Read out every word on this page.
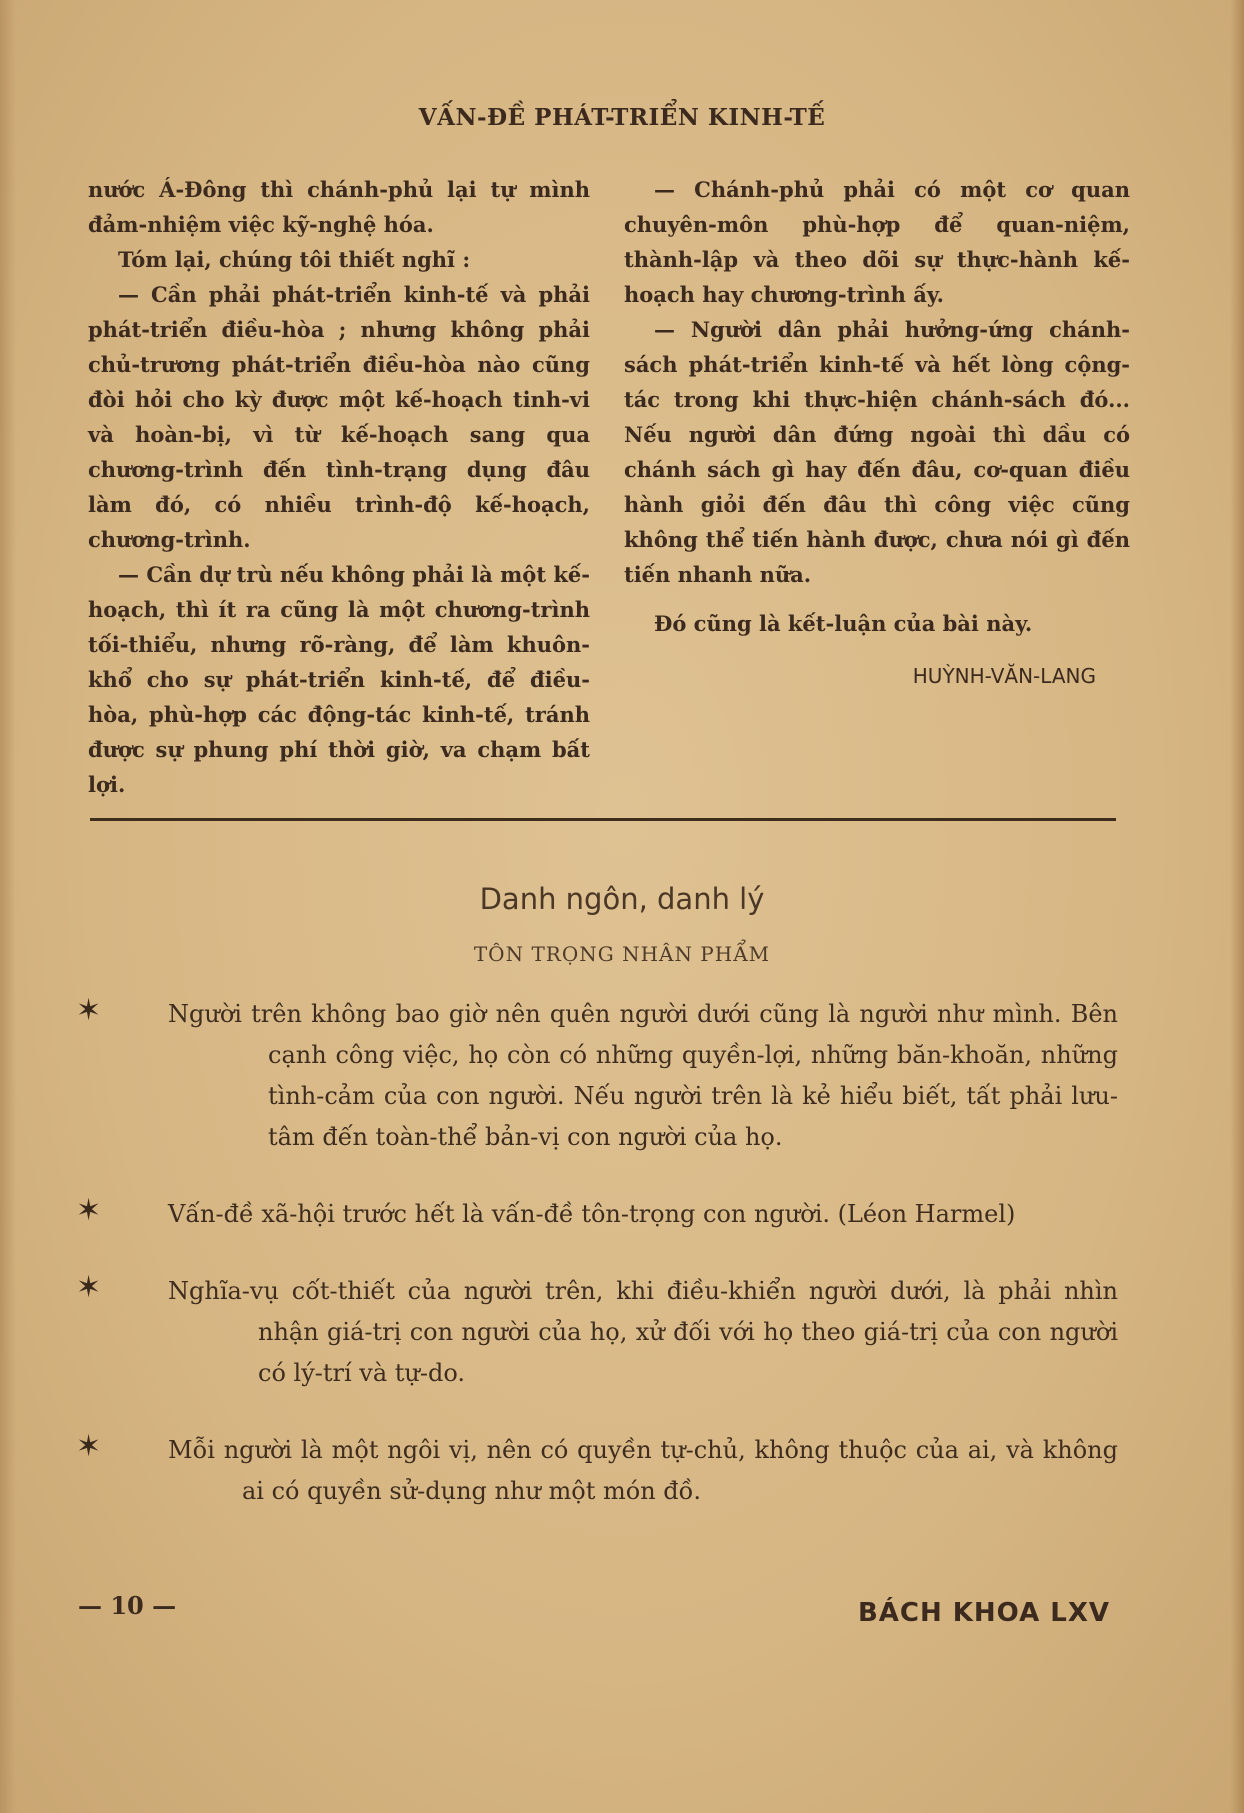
VẤN-ĐỀ PHÁT-TRIỂN KINH-TẾ

nước Á-Đông thì chánh-phủ lại tự mình đảm-nhiệm việc kỹ-nghệ hóa.

Tóm lại, chúng tôi thiết nghĩ :

— Cần phải phát-triển kinh-tế và phải phát-triển điều-hòa ; nhưng không phải chủ-trương phát-triển điều-hòa nào cũng đòi hỏi cho kỳ được một kế-hoạch tinh-vi và hoàn-bị, vì từ kế-hoạch sang qua chương-trình đến tình-trạng dụng đâu làm đó, có nhiều trình-độ kế-hoạch, chương-trình.

— Cần dự trù nếu không phải là một kế-hoạch, thì ít ra cũng là một chương-trình tối-thiểu, nhưng rõ-ràng, để làm khuôn-khổ cho sự phát-triển kinh-tế, để điều-hòa, phù-hợp các động-tác kinh-tế, tránh được sự phung phí thời giờ, va chạm bất lợi.

— Chánh-phủ phải có một cơ quan chuyên-môn phù-hợp để quan-niệm, thành-lập và theo dõi sự thực-hành kế-hoạch hay chương-trình ấy.

— Người dân phải hưởng-ứng chánh-sách phát-triển kinh-tế và hết lòng cộng-tác trong khi thực-hiện chánh-sách đó... Nếu người dân đứng ngoài thì dầu có chánh sách gì hay đến đâu, cơ-quan điều hành giỏi đến đâu thì công việc cũng không thể tiến hành được, chưa nói gì đến tiến nhanh nữa.

Đó cũng là kết-luận của bài này.

HUỲNH-VĂN-LANG
Danh ngôn, danh lý
TÔN TRỌNG NHÂN PHẨM
✶	Người trên không bao giờ nên quên người dưới cũng là người như mình. Bên cạnh công việc, họ còn có những quyền-lợi, những băn-khoăn, những tình-cảm của con người. Nếu người trên là kẻ hiểu biết, tất phải lưu-tâm đến toàn-thể bản-vị con người của họ.
✶	Vấn-đề xã-hội trước hết là vấn-đề tôn-trọng con người. (Léon Harmel)
✶	Nghĩa-vụ cốt-thiết của người trên, khi điều-khiển người dưới, là phải nhìn nhận giá-trị con người của họ, xử đối với họ theo giá-trị của con người có lý-trí và tự-do.
✶	Mỗi người là một ngôi vị, nên có quyền tự-chủ, không thuộc của ai, và không ai có quyền sử-dụng như một món đồ.
— 10 —	BÁCH KHOA LXV
